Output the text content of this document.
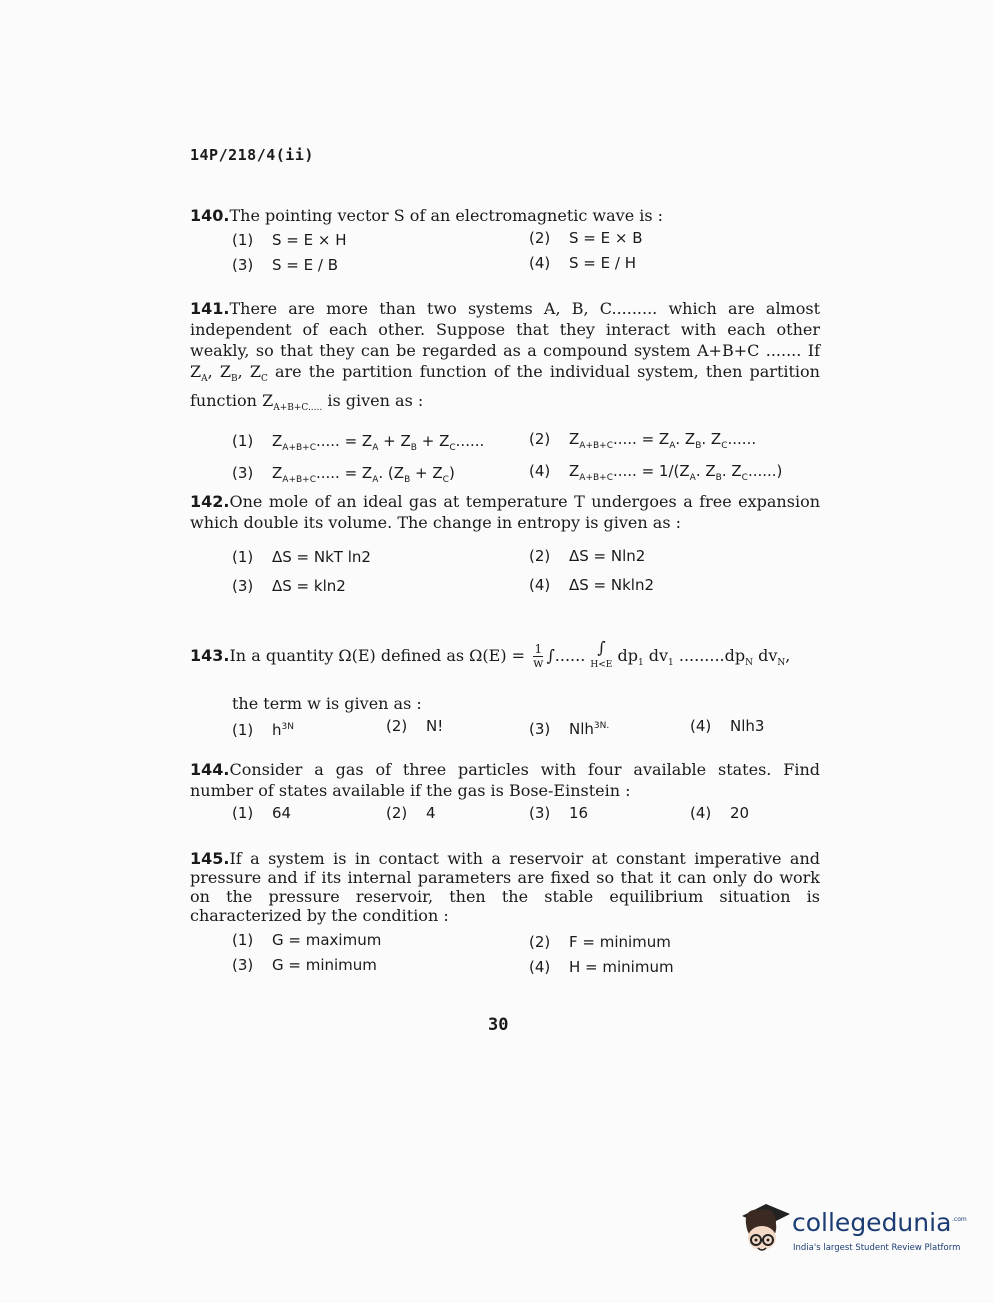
14P/218/4(ii)
140.The pointing vector S of an electromagnetic wave is :
(1) S = E × H	(2) S = E × B
(3) S = E / B	(4) S = E / H
141.There are more than two systems A, B, C......... which are almost independent of each other. Suppose that they interact with each other weakly, so that they can be regarded as a compound system A+B+C ....... If $Z_A$, $Z_B$, $Z_C$ are the partition function of the individual system, then partition function $Z_{A+B+C.....}$ is given as :
(1) $Z_{A+B+C}$..... = $Z_A + Z_B + Z_C$......	(2) $Z_{A+B+C}$..... = $Z_A$. $Z_B$. $Z_C$......
(3) $Z_{A+B+C}$..... = $Z_A$. $(Z_B + Z_C)$	(4) $Z_{A+B+C}$..... = $1/(Z_A$. $Z_B$. $Z_C$......)
142.One mole of an ideal gas at temperature T undergoes a free expansion which double its volume. The change in entropy is given as :
(1) ΔS = NkT ln2	(2) ΔS = Nln2
(3) ΔS = kln2	(4) ΔS = Nkln2
143.In a quantity Ω(E) defined as $\Omega(E) = \frac{1}{w}$ ∫...... ∫
H<E $dp_1$ $dv_1$ $.........dp_N$ $dv_N$,
the term w is given as :
(1) $h^{3N}$	(2) N!	(3) Nlh$^{3N.}$	(4) Nlh3
144.Consider a gas of three particles with four available states. Find number of states available if the gas is Bose-Einstein :
(1) 64	(2) 4	(3) 16	(4) 20
145.If a system is in contact with a reservoir at constant imperative and pressure and if its internal parameters are fixed so that it can only do work on the pressure reservoir, then the stable equilibrium situation is characterized by the condition :
(1) G = maximum	(2) F = minimum
(3) G = minimum	(4) H = minimum
30
collegedunia .com
India's largest Student Review Platform
